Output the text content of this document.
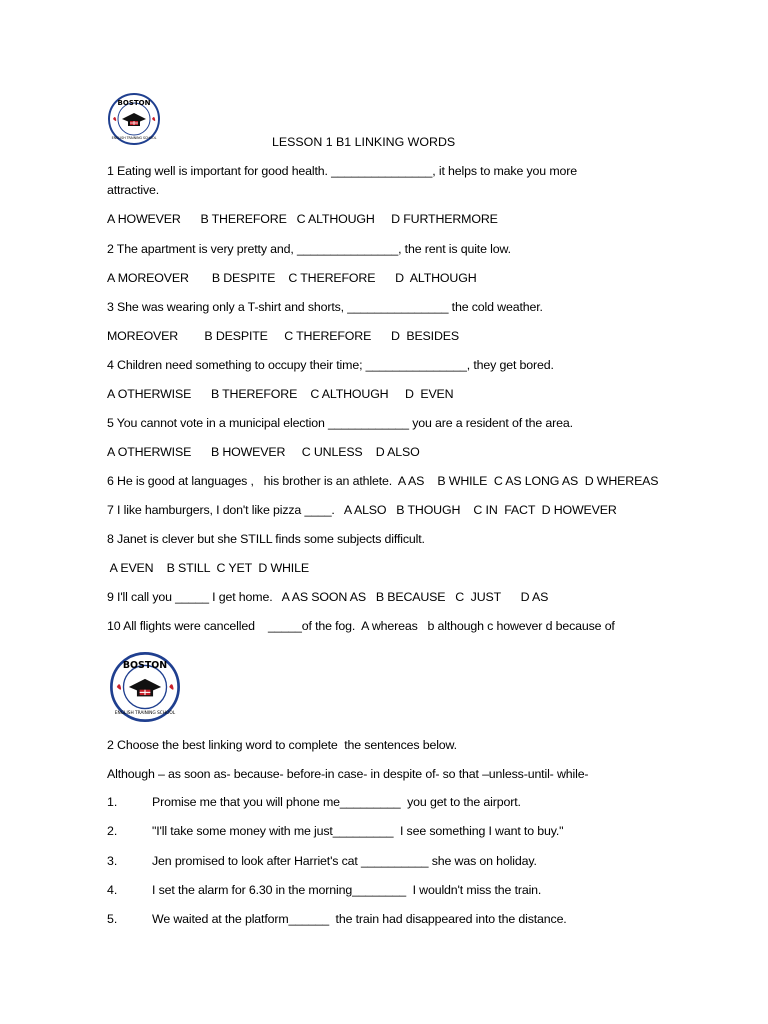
BOSTON
ENGLISH TRAINING SCHOOL	LESSON 1 B1 LINKING WORDS
1 Eating well is important for good health. _______________, it helps to make you more
attractive.
A HOWEVER      B THEREFORE   C ALTHOUGH     D FURTHERMORE
2 The apartment is very pretty and, _______________, the rent is quite low.
A MOREOVER       B DESPITE    C THEREFORE      D  ALTHOUGH
3 She was wearing only a T-shirt and shorts, _______________ the cold weather.
MOREOVER        B DESPITE     C THEREFORE      D  BESIDES
4 Children need something to occupy their time; _______________, they get bored.
A OTHERWISE      B THEREFORE    C ALTHOUGH     D  EVEN
5 You cannot vote in a municipal election ____________ you are a resident of the area.
A OTHERWISE      B HOWEVER     C UNLESS    D ALSO
6 He is good at languages ,   his brother is an athlete.  A AS    B WHILE  C AS LONG AS  D WHEREAS
7 I like hamburgers, I don't like pizza ____.   A ALSO   B THOUGH    C IN  FACT  D HOWEVER
8 Janet is clever but she STILL finds some subjects difficult.
A EVEN    B STILL  C YET  D WHILE
9 I'll call you _____ I get home.   A AS SOON AS   B BECAUSE   C  JUST      D AS
10 All flights were cancelled    _____of the fog.  A whereas   b although c however d because of
BOSTON
ENGLISH TRAINING SCHOOL
2 Choose the best linking word to complete  the sentences below.
Although – as soon as- because- before-in case- in despite of- so that –unless-until- while-
1.	Promise me that you will phone me_________  you get to the airport.
2.	"I'll take some money with me just_________  I see something I want to buy."
3.	Jen promised to look after Harriet's cat __________ she was on holiday.
4.	I set the alarm for 6.30 in the morning________  I wouldn't miss the train.
5.	We waited at the platform______  the train had disappeared into the distance.
